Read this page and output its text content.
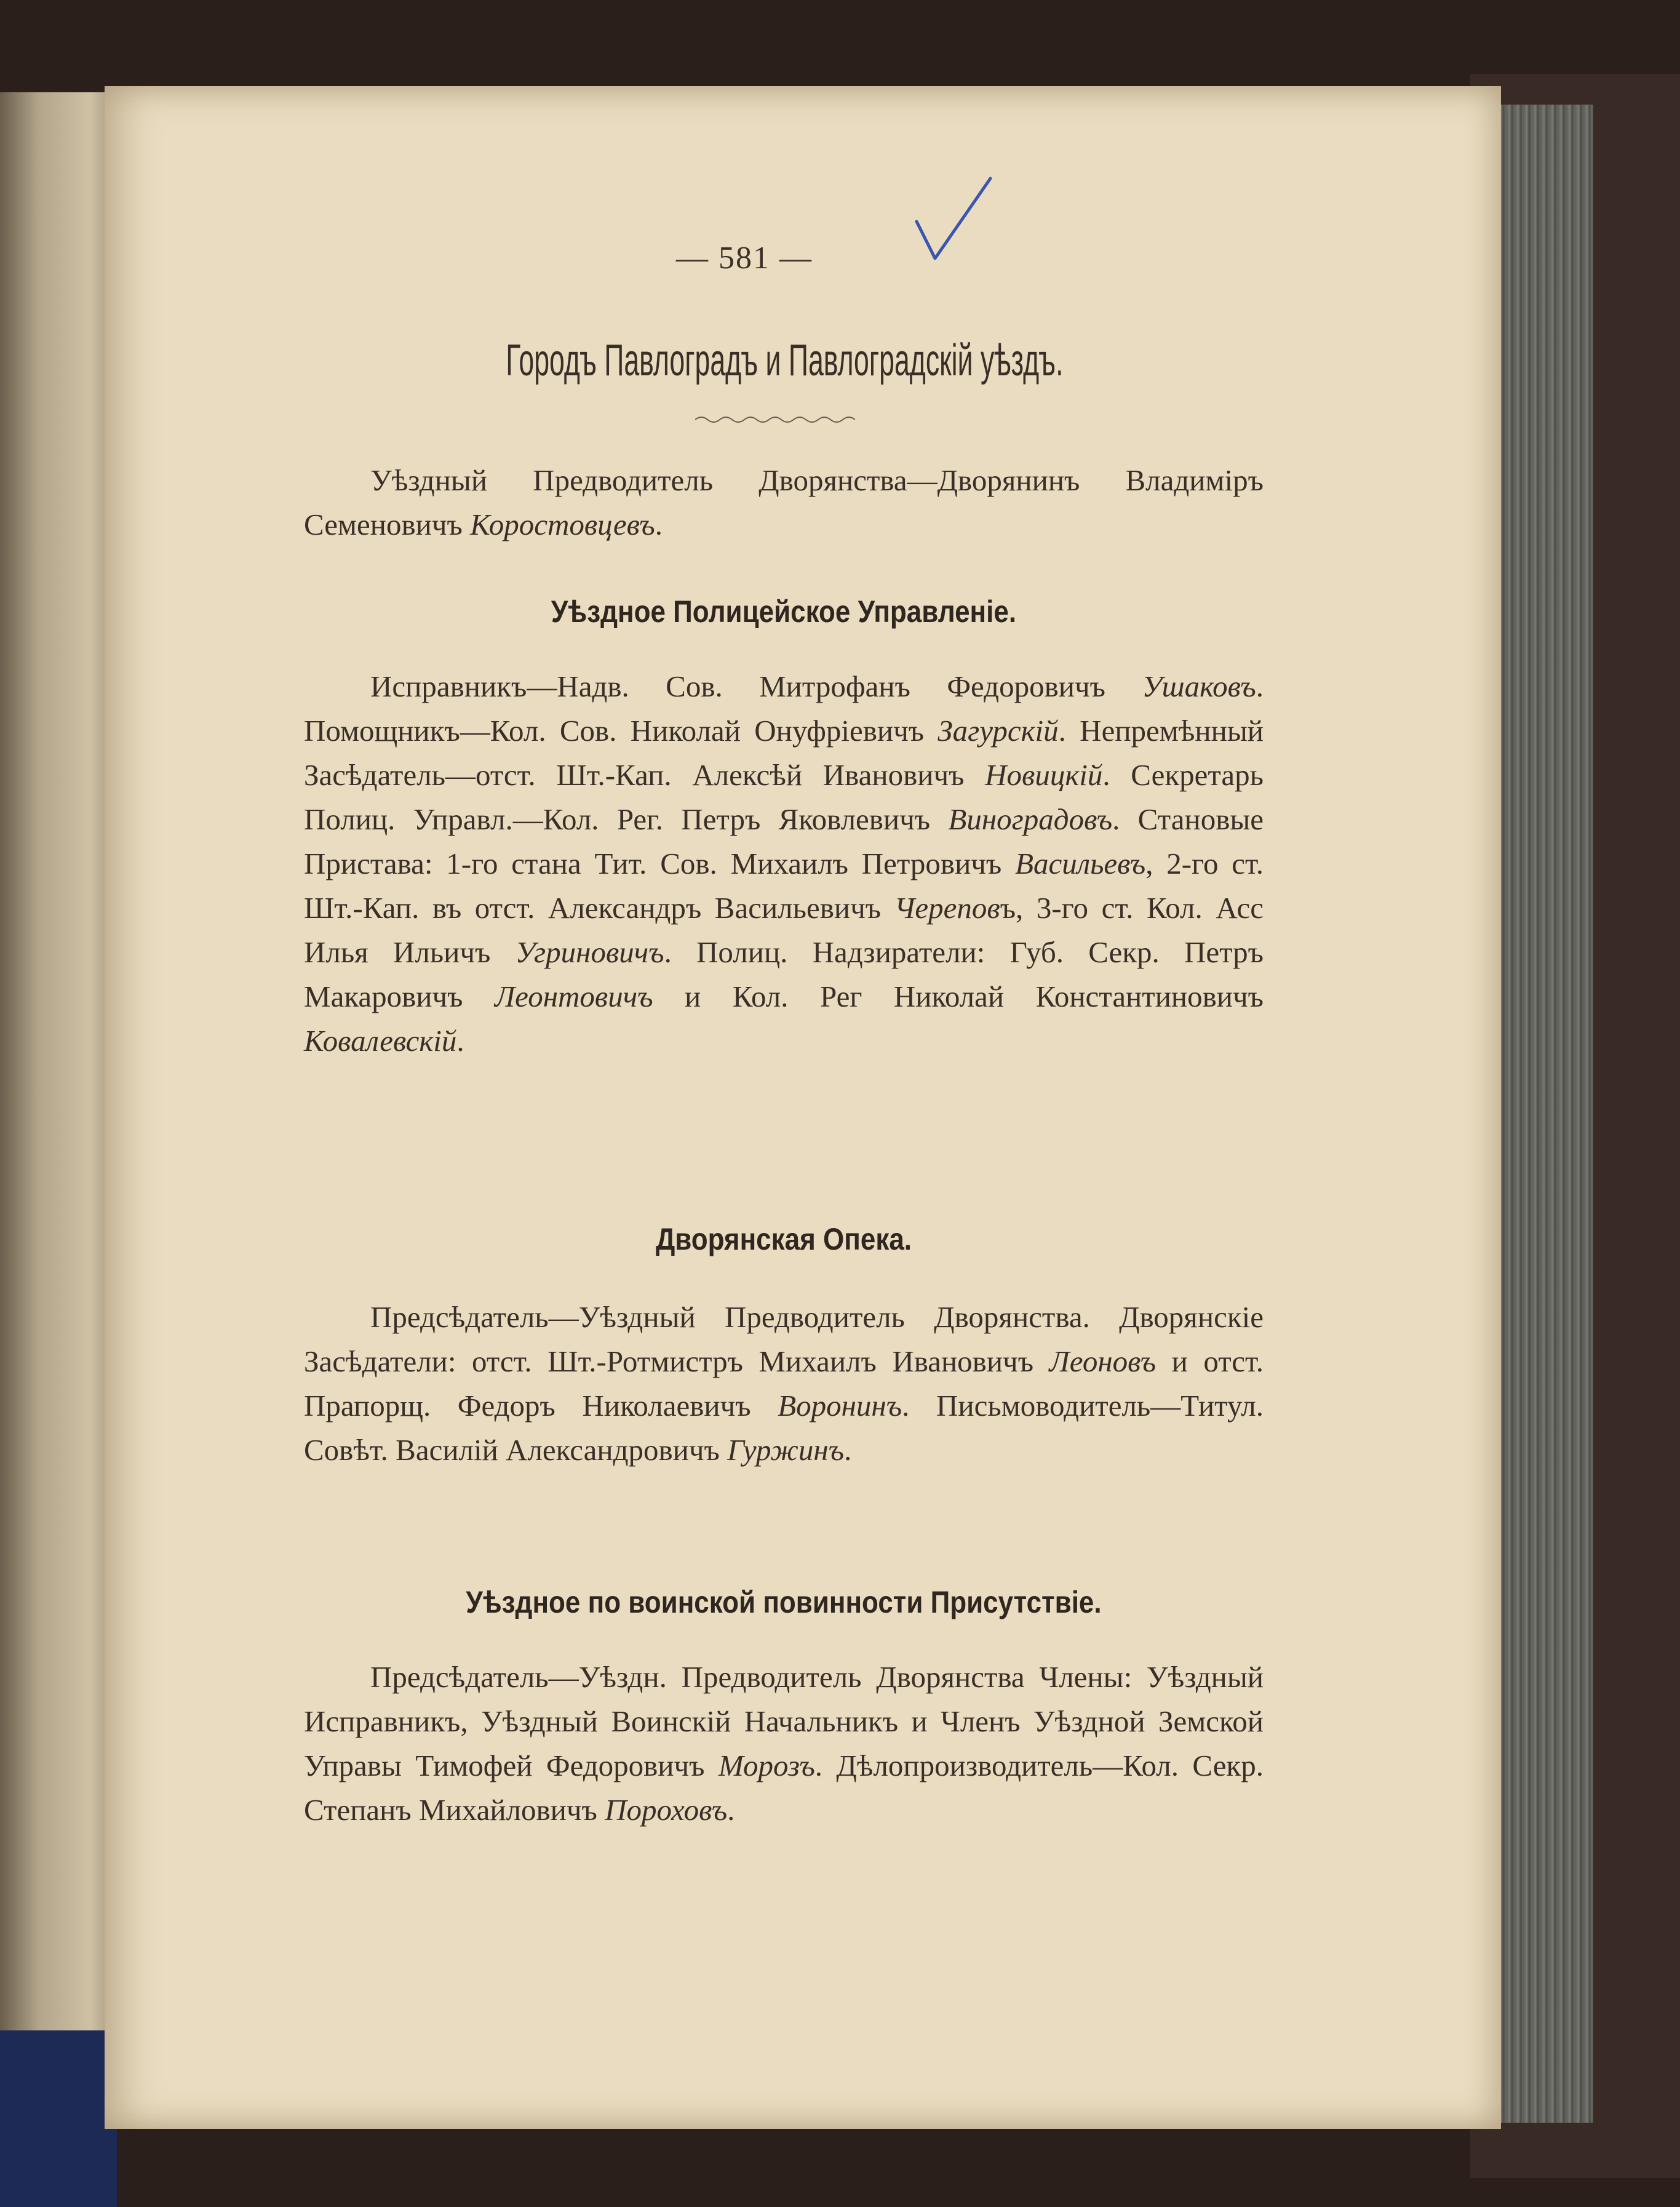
— 581 —
Городъ Павлоградъ и Павлоградскій уѣздъ.

Уѣздный Предводитель Дворянства—Дворянинъ Владиміръ Семеновичъ Коростовцевъ.

Уѣздное Полицейское Управленіе.

Исправникъ—Надв. Сов. Митрофанъ Федоровичъ Ушаковъ. Помощникъ—Кол. Сов. Николай Онуфріевичъ Загурскій. Непремѣнный Засѣдатель—отст. Шт.-Кап. Алексѣй Ивановичъ Новицкій. Секретарь Полиц. Управл.—Кол. Рег. Петръ Яковлевичъ Виноградовъ. Становые Пристава: 1-го стана Тит. Сов. Михаилъ Петровичъ Васильевъ, 2-го ст. Шт.-Кап. въ отст. Александръ Васильевичъ Череповъ, 3-го ст. Кол. Асс Илья Ильичъ Угриновичъ. Полиц. Надзиратели: Губ. Секр. Петръ Макаровичъ Леонтовичъ и Кол. Рег Николай Константиновичъ Ковалевскій.

Дворянская Опека.

Предсѣдатель—Уѣздный Предводитель Дворянства. Дворянскіе Засѣдатели: отст. Шт.-Ротмистръ Михаилъ Ивановичъ Леоновъ и отст. Прапорщ. Федоръ Николаевичъ Воронинъ. Письмоводитель—Титул. Совѣт. Василій Александровичъ Гуржинъ.

Уѣздное по воинской повинности Присутствіе.

Предсѣдатель—Уѣздн. Предводитель Дворянства Члены: Уѣздный Исправникъ, Уѣздный Воинскій Начальникъ и Членъ Уѣздной Земской Управы Тимофей Федоровичъ Морозъ. Дѣлопроизводитель—Кол. Секр. Степанъ Михайловичъ Пороховъ.
